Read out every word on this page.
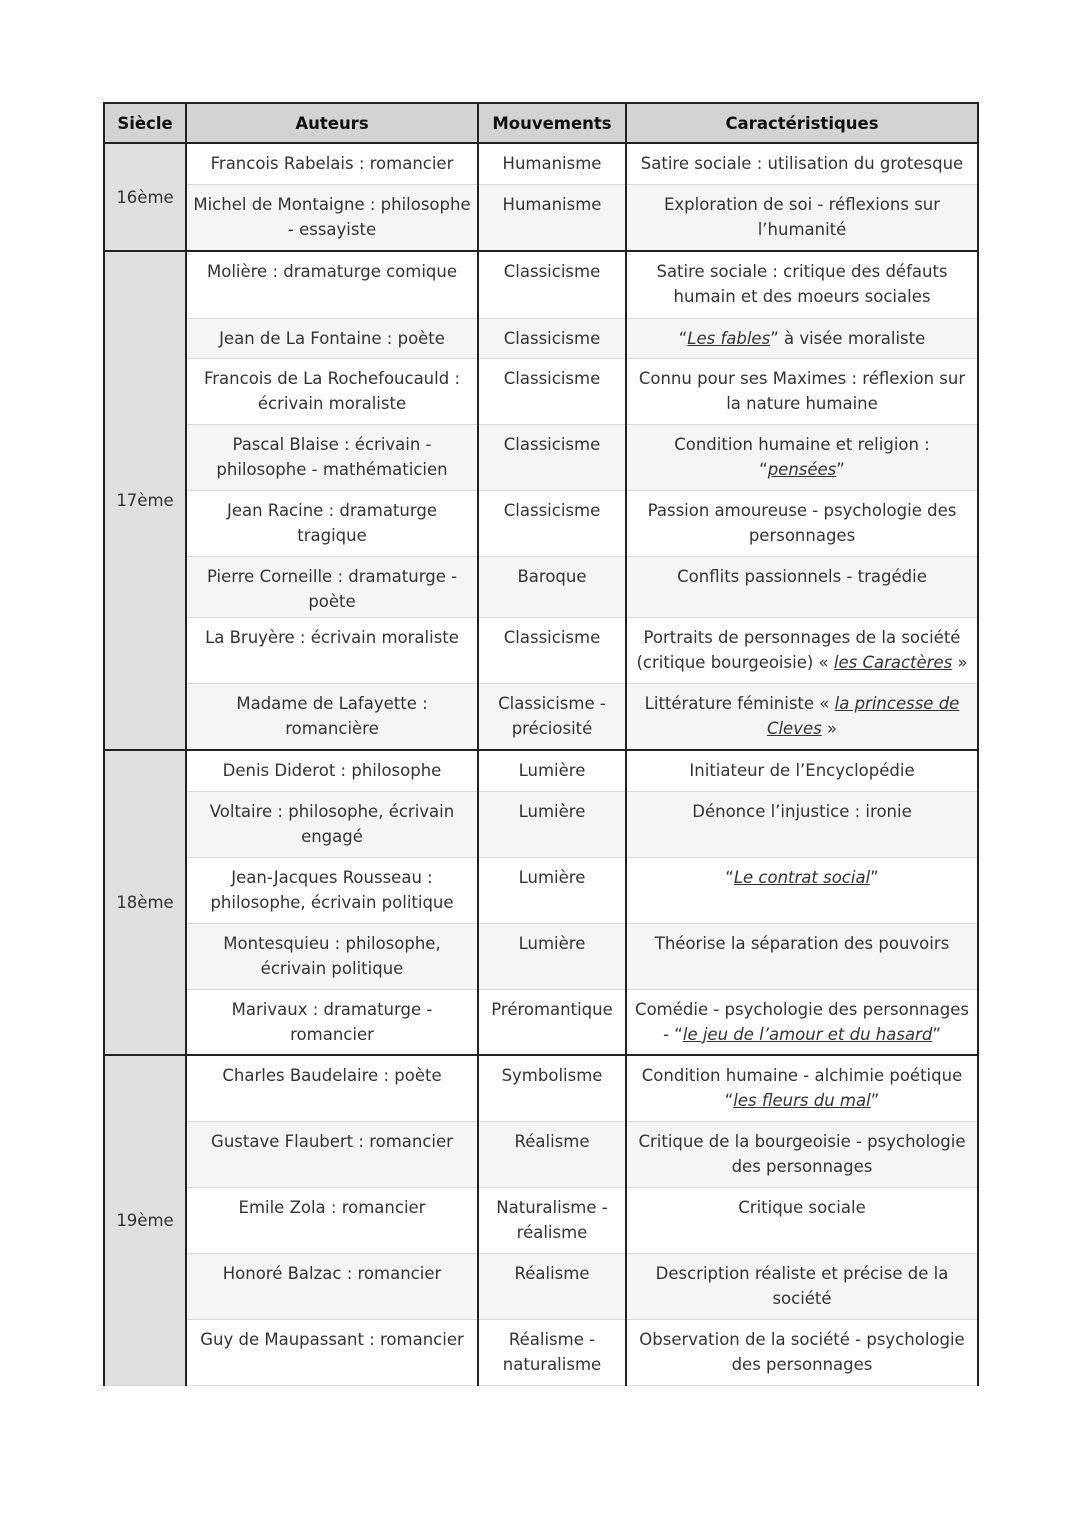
Siècle	Auteurs	Mouvements	Caractéristiques
16ème	Francois Rabelais : romancier	Humanisme	Satire sociale : utilisation du grotesque
	Michel de Montaigne : philosophe - essayiste	Humanisme	Exploration de soi - réflexions sur l’humanité
17ème	Molière : dramaturge comique	Classicisme	Satire sociale : critique des défauts humain et des moeurs sociales
	Jean de La Fontaine : poète	Classicisme	“Les fables” à visée moraliste
	Francois de La Rochefoucauld : écrivain moraliste	Classicisme	Connu pour ses Maximes : réflexion sur la nature humaine
	Pascal Blaise : écrivain - philosophe - mathématicien	Classicisme	Condition humaine et religion : “pensées”
	Jean Racine : dramaturge tragique	Classicisme	Passion amoureuse - psychologie des personnages
	Pierre Corneille : dramaturge - poète	Baroque	Conflits passionnels - tragédie
	La Bruyère : écrivain moraliste	Classicisme	Portraits de personnages de la société (critique bourgeoisie) « les Caractères »
	Madame de Lafayette : romancière	Classicisme - préciosité	Littérature féministe « la princesse de Cleves »
18ème	Denis Diderot : philosophe	Lumière	Initiateur de l’Encyclopédie
	Voltaire : philosophe, écrivain engagé	Lumière	Dénonce l’injustice : ironie
	Jean-Jacques Rousseau : philosophe, écrivain politique	Lumière	“Le contrat social”
	Montesquieu : philosophe, écrivain politique	Lumière	Théorise la séparation des pouvoirs
	Marivaux : dramaturge - romancier	Préromantique	Comédie - psychologie des personnages - “le jeu de l’amour et du hasard”
19ème	Charles Baudelaire : poète	Symbolisme	Condition humaine - alchimie poétique “les fleurs du mal”
	Gustave Flaubert : romancier	Réalisme	Critique de la bourgeoisie - psychologie des personnages
	Emile Zola : romancier	Naturalisme - réalisme	Critique sociale
	Honoré Balzac : romancier	Réalisme	Description réaliste et précise de la société
	Guy de Maupassant : romancier	Réalisme - naturalisme	Observation de la société - psychologie des personnages
